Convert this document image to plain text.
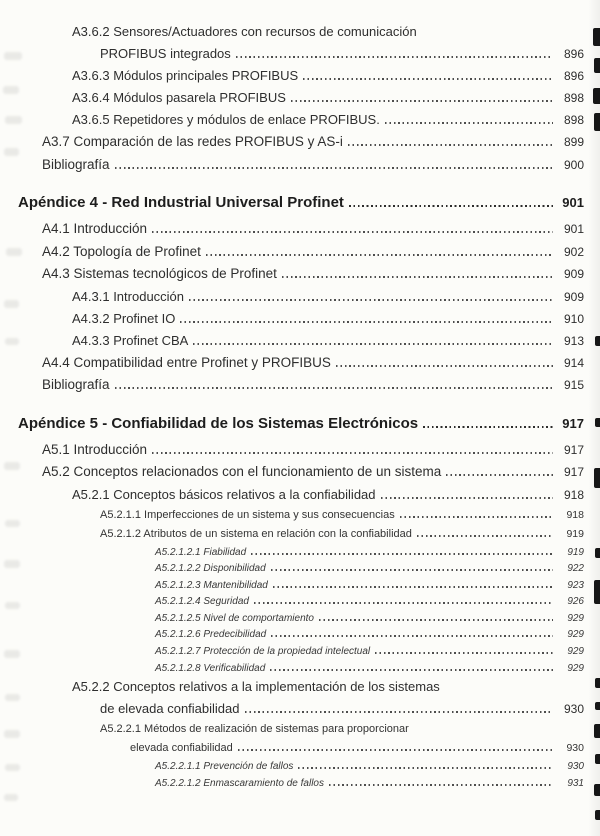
A3.6.2 Sensores/Actuadores con recursos de comunicación
PROFIBUS integrados	896
A3.6.3 Módulos principales PROFIBUS	896
A3.6.4 Módulos pasarela PROFIBUS	898
A3.6.5 Repetidores y módulos de enlace PROFIBUS.	898
A3.7 Comparación de las redes PROFIBUS y AS-i	899
Bibliografía	900
Apéndice 4 - Red Industrial Universal Profinet	901
A4.1 Introducción	901
A4.2 Topología de Profinet	902
A4.3 Sistemas tecnológicos de Profinet	909
A4.3.1 Introducción	909
A4.3.2 Profinet IO	910
A4.3.3 Profinet CBA	913
A4.4 Compatibilidad entre Profinet y PROFIBUS	914
Bibliografía	915
Apéndice 5 - Confiabilidad de los Sistemas Electrónicos	917
A5.1 Introducción	917
A5.2 Conceptos relacionados con el funcionamiento de un sistema	917
A5.2.1 Conceptos básicos relativos a la confiabilidad	918
A5.2.1.1 Imperfecciones de un sistema y sus consecuencias	918
A5.2.1.2 Atributos de un sistema en relación con la confiabilidad	919
A5.2.1.2.1 Fiabilidad	919
A5.2.1.2.2 Disponibilidad	922
A5.2.1.2.3 Mantenibilidad	923
A5.2.1.2.4 Seguridad	926
A5.2.1.2.5 Nivel de comportamiento	929
A5.2.1.2.6 Predecibilidad	929
A5.2.1.2.7 Protección de la propiedad intelectual	929
A5.2.1.2.8 Verificabilidad	929
A5.2.2 Conceptos relativos a la implementación de los sistemas
de elevada confiabilidad	930
A5.2.2.1 Métodos de realización de sistemas para proporcionar
elevada confiabilidad	930
A5.2.2.1.1 Prevención de fallos	930
A5.2.2.1.2 Enmascaramiento de fallos	931
